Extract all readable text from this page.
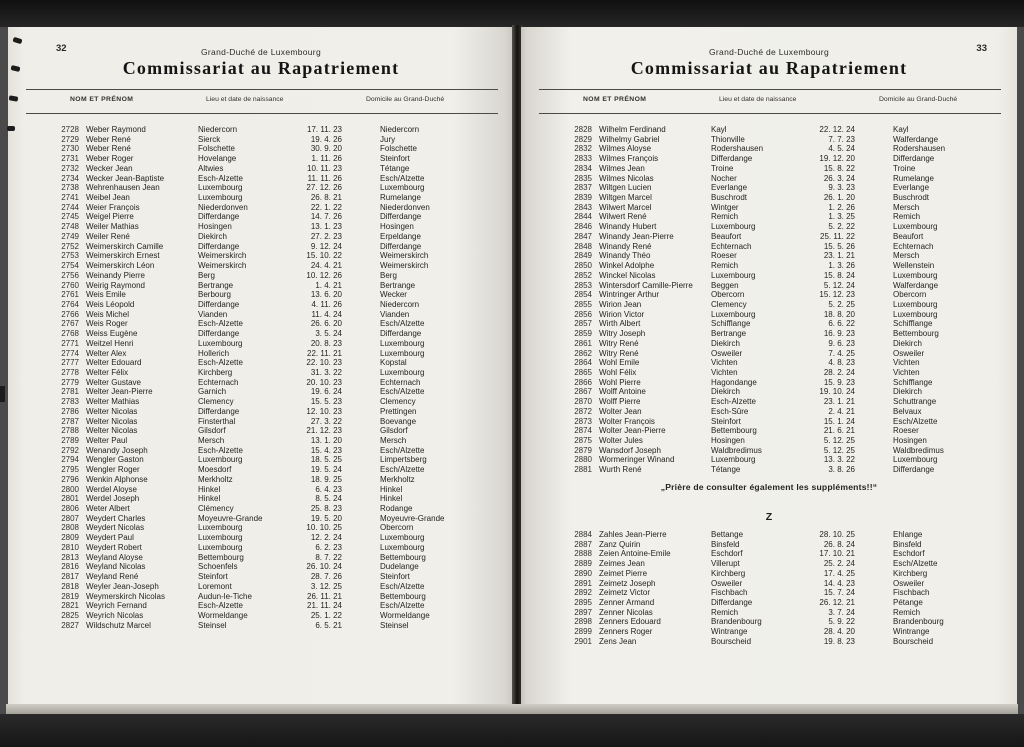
32	Grand-Duché de Luxembourg
Commissariat au Rapatriement
NOM ET PRÉNOM	Lieu et date de naissance	Domicile au Grand-Duché
2728 Weber Raymond	Niedercorn	17. 11. 23	Niedercorn
2729 Weber René	Sierck	19. 4. 26	Jury
2730 Weber René	Folschette	30. 9. 20	Folschette
2731 Weber Roger	Hovelange	1. 11. 26	Steinfort
2732 Wecker Jean	Altwies	10. 11. 23	Tétange
2734 Wecker Jean-Baptiste	Esch-Alzette	11. 11. 26	Esch/Alzette
2738 Wehrenhausen Jean	Luxembourg	27. 12. 26	Luxembourg
2741 Weibel Jean	Luxembourg	26. 8. 21	Rumelange
2744 Weier François	Niederdonven	22. 1. 22	Niederdonven
2745 Weigel Pierre	Differdange	14. 7. 26	Differdange
2748 Weiler Mathias	Hosingen	13. 1. 23	Hosingen
2749 Weiler René	Diekirch	27. 2. 23	Erpeldange
2752 Weimerskirch Camille	Differdange	9. 12. 24	Differdange
2753 Weimerskirch Ernest	Weimerskirch	15. 10. 22	Weimerskirch
2754 Weimerskirch Léon	Weimerskirch	24. 4. 21	Weimerskirch
2756 Weinandy Pierre	Berg	10. 12. 26	Berg
2760 Weirig Raymond	Bertrange	1. 4. 21	Bertrange
2761 Weis Emile	Berbourg	13. 6. 20	Wecker
2764 Weis Léopold	Differdange	4. 11. 26	Niedercorn
2766 Weis Michel	Vianden	11. 4. 24	Vianden
2767 Weis Roger	Esch-Alzette	26. 6. 20	Esch/Alzette
2768 Weiss Eugène	Differdange	3. 5. 24	Differdange
2771 Weitzel Henri	Luxembourg	20. 8. 23	Luxembourg
2774 Welter Alex	Hollerich	22. 11. 21	Luxembourg
2777 Welter Edouard	Esch-Alzette	22. 10. 23	Kopstal
2778 Welter Félix	Kirchberg	31. 3. 22	Luxembourg
2779 Welter Gustave	Echternach	20. 10. 23	Echternach
2781 Welter Jean-Pierre	Garnich	19. 6. 24	Esch/Alzette
2783 Welter Mathias	Clemency	15. 5. 23	Clemency
2786 Welter Nicolas	Differdange	12. 10. 23	Prettingen
2787 Welter Nicolas	Finsterthal	27. 3. 22	Boevange
2788 Welter Nicolas	Gilsdorf	21. 12. 23	Gilsdorf
2789 Welter Paul	Mersch	13. 1. 20	Mersch
2792 Wenandy Joseph	Esch-Alzette	15. 4. 23	Esch/Alzette
2794 Wengler Gaston	Luxembourg	18. 5. 25	Limpertsberg
2795 Wengler Roger	Moesdorf	19. 5. 24	Esch/Alzette
2796 Wenkin Alphonse	Merkholtz	18. 9. 25	Merkholtz
2800 Werdel Aloyse	Hinkel	6. 4. 23	Hinkel
2801 Werdel Joseph	Hinkel	8. 5. 24	Hinkel
2806 Weter Albert	Clémency	25. 8. 23	Rodange
2807 Weydert Charles	Moyeuvre-Grande	19. 5. 20	Moyeuvre-Grande
2808 Weydert Nicolas	Luxembourg	10. 10. 25	Obercorn
2809 Weydert Paul	Luxembourg	12. 2. 24	Luxembourg
2810 Weydert Robert	Luxembourg	6. 2. 23	Luxembourg
2813 Weyland Aloyse	Bettembourg	8. 7. 22	Bettembourg
2816 Weyland Nicolas	Schoenfels	26. 10. 24	Dudelange
2817 Weyland René	Steinfort	28. 7. 26	Steinfort
2818 Weyler Jean-Joseph	Loremont	3. 12. 25	Esch/Alzette
2819 Weymerskirch Nicolas	Audun-le-Tiche	26. 11. 21	Bettembourg
2821 Weyrich Fernand	Esch-Alzette	21. 11. 24	Esch/Alzette
2825 Weyrich Nicolas	Wormeldange	25. 1. 22	Wormeldange
2827 Wildschutz Marcel	Steinsel	6. 5. 21	Steinsel
33
Grand-Duché de Luxembourg
Commissariat au Rapatriement
NOM ET PRÉNOM	Lieu et date de naissance	Domicile au Grand-Duché
2828 Wilhelm Ferdinand	Kayl	22. 12. 24	Kayl
2829 Wilhelmy Gabriel	Thionville	7. 7. 23	Walferdange
2832 Wilmes Aloyse	Rodershausen	4. 5. 24	Rodershausen
2833 Wilmes François	Differdange	19. 12. 20	Differdange
2834 Wilmes Jean	Troine	15. 8. 22	Troine
2835 Wilmes Nicolas	Nocher	26. 3. 24	Rumelange
2837 Wiltgen Lucien	Everlange	9. 3. 23	Everlange
2839 Wiltgen Marcel	Buschrodt	26. 1. 20	Buschrodt
2843 Wilwert Marcel	Wintger	1. 2. 26	Mersch
2844 Wilwert René	Remich	1. 3. 25	Remich
2846 Winandy Hubert	Luxembourg	5. 2. 22	Luxembourg
2847 Winandy Jean-Pierre	Beaufort	25. 11. 22	Beaufort
2848 Winandy René	Echternach	15. 5. 26	Echternach
2849 Winandy Théo	Roeser	23. 1. 21	Mersch
2850 Winkel Adolphe	Remich	1. 3. 26	Wellenstein
2852 Winckel Nicolas	Luxembourg	15. 8. 24	Luxembourg
2853 Wintersdorf Camille-Pierre	Beggen	5. 12. 24	Walferdange
2854 Wintringer Arthur	Obercorn	15. 12. 23	Obercorn
2855 Wirion Jean	Clemency	5. 2. 25	Luxembourg
2856 Wirion Victor	Luxembourg	18. 8. 20	Luxembourg
2857 Wirth Albert	Schifflange	6. 6. 22	Schifflange
2859 Witry Joseph	Bertrange	16. 9. 23	Bettembourg
2861 Witry René	Diekirch	9. 6. 23	Diekirch
2862 Witry René	Osweiler	7. 4. 25	Osweiler
2864 Wohl Emile	Vichten	4. 8. 23	Vichten
2865 Wohl Félix	Vichten	28. 2. 24	Vichten
2866 Wohl Pierre	Hagondange	15. 9. 23	Schifflange
2867 Wolff Antoine	Diekirch	19. 10. 24	Diekirch
2870 Wolff Pierre	Esch-Alzette	23. 1. 21	Schuttrange
2872 Wolter Jean	Esch-Sûre	2. 4. 21	Belvaux
2873 Wolter François	Steinfort	15. 1. 24	Esch/Alzette
2874 Wolter Jean-Pierre	Bettembourg	21. 6. 21	Roeser
2875 Wolter Jules	Hosingen	5. 12. 25	Hosingen
2879 Wansdorf Joseph	Waldbredimus	5. 12. 25	Waldbredimus
2880 Wormeringer Winand	Luxembourg	13. 3. 22	Luxembourg
2881 Wurth René	Tétange	3. 8. 26	Differdange
„Prière de consulter également les suppléments!!“
Z
2884 Zahles Jean-Pierre	Bettange	28. 10. 25	Ehlange
2887 Zanz Quirin	Binsfeld	26. 8. 24	Binsfeld
2888 Zeien Antoine-Emile	Eschdorf	17. 10. 21	Eschdorf
2889 Zeimes Jean	Villerupt	25. 2. 24	Esch/Alzette
2890 Zeimet Pierre	Kirchberg	17. 4. 25	Kirchberg
2891 Zeimetz Joseph	Osweiler	14. 4. 23	Osweiler
2892 Zeimetz Victor	Fischbach	15. 7. 24	Fischbach
2895 Zenner Armand	Differdange	26. 12. 21	Pétange
2897 Zenner Nicolas	Remich	3. 7. 24	Remich
2898 Zenners Edouard	Brandenbourg	5. 9. 22	Brandenbourg
2899 Zenners Roger	Wintrange	28. 4. 20	Wintrange
2901 Zens Jean	Bourscheid	19. 8. 23	Bourscheid
